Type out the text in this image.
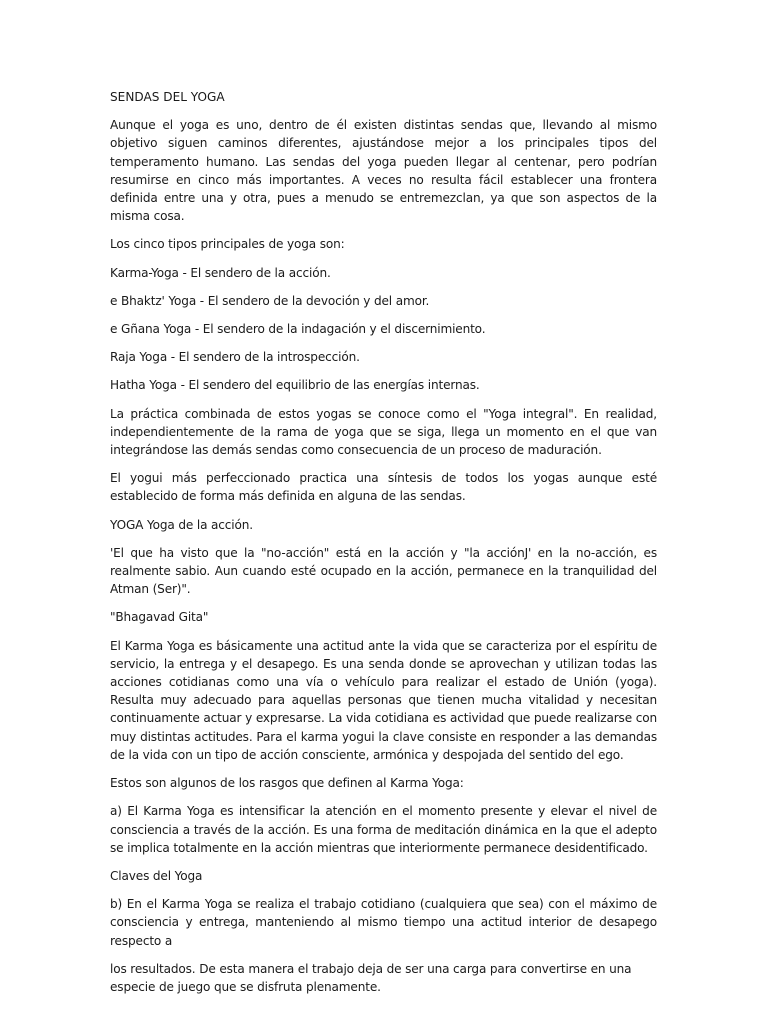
SENDAS DEL YOGA

Aunque el yoga es uno, dentro de él existen distintas sendas que, llevando al mismo objetivo siguen caminos diferentes, ajustándose mejor a los principales tipos del temperamento humano. Las sendas del yoga pueden llegar al centenar, pero podrían resumirse en cinco más importantes. A veces no resulta fácil establecer una frontera definida entre una y otra, pues a menudo se entremezclan, ya que son aspectos de la misma cosa.

Los cinco tipos principales de yoga son:

Karma-Yoga - El sendero de la acción.

e Bhaktz' Yoga - El sendero de la devoción y del amor.

e Gñana Yoga - El sendero de la indagación y el discernimiento.

Raja Yoga - El sendero de la introspección.

Hatha Yoga - El sendero del equilibrio de las energías internas.

La práctica combinada de estos yogas se conoce como el "Yoga integral". En realidad, independientemente de la rama de yoga que se siga, llega un momento en el que van integrándose las demás sendas como consecuencia de un proceso de maduración.

El yogui más perfeccionado practica una síntesis de todos los yogas aunque esté establecido de forma más definida en alguna de las sendas.

YOGA Yoga de la acción.

'El que ha visto que la "no-acción" está en la acción y "la acciónJ' en la no-acción, es realmente sabio. Aun cuando esté ocupado en la acción, permanece en la tranquilidad del Atman (Ser)".

"Bhagavad Gita"

El Karma Yoga es básicamente una actitud ante la vida que se caracteriza por el espíritu de servicio, la entrega y el desapego. Es una senda donde se aprovechan y utilizan todas las acciones cotidianas como una vía o vehículo para realizar el estado de Unión (yoga). Resulta muy adecuado para aquellas personas que tienen mucha vitalidad y necesitan continuamente actuar y expresarse. La vida cotidiana es actividad que puede realizarse con muy distintas actitudes. Para el karma yogui la clave consiste en responder a las demandas de la vida con un tipo de acción consciente, armónica y despojada del sentido del ego.

Estos son algunos de los rasgos que definen al Karma Yoga:

a) El Karma Yoga es intensificar la atención en el momento presente y elevar el nivel de consciencia a través de la acción. Es una forma de meditación dinámica en la que el adepto se implica totalmente en la acción mientras que interiormente permanece desidentificado.

Claves del Yoga

b) En el Karma Yoga se realiza el trabajo cotidiano (cualquiera que sea) con el máximo de consciencia y entrega, manteniendo al mismo tiempo una actitud interior de desapego respecto a

los resultados. De esta manera el trabajo deja de ser una carga para convertirse en una especie de juego que se disfruta plenamente.
